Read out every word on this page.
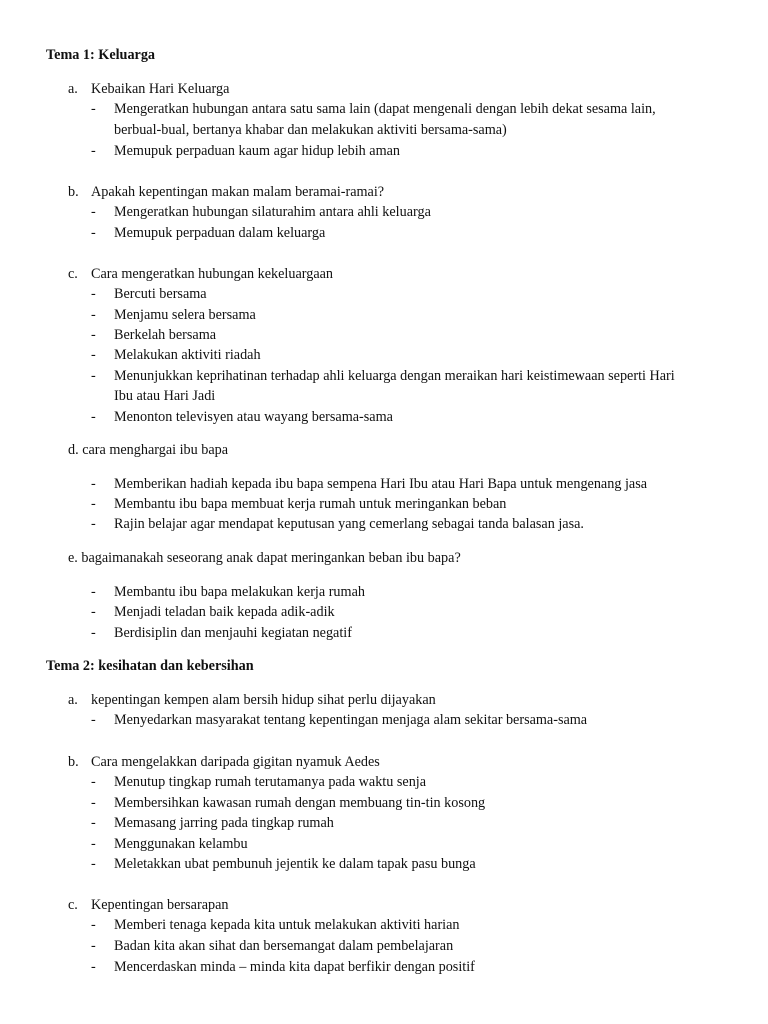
Tema 1: Keluarga
a. Kebaikan Hari Keluarga
- Mengeratkan hubungan antara satu sama lain (dapat mengenali dengan lebih dekat sesama lain,
berbual-bual, bertanya khabar dan melakukan aktiviti bersama-sama)
- Memupuk perpaduan kaum agar hidup lebih aman
b. Apakah kepentingan makan malam beramai-ramai?
- Mengeratkan hubungan silaturahim antara ahli keluarga
- Memupuk perpaduan dalam keluarga
c. Cara mengeratkan hubungan kekeluargaan
- Bercuti bersama
- Menjamu selera bersama
- Berkelah bersama
- Melakukan aktiviti riadah
- Menunjukkan keprihatinan terhadap ahli keluarga dengan meraikan hari keistimewaan seperti Hari
Ibu atau Hari Jadi
- Menonton televisyen atau wayang bersama-sama
d. cara menghargai ibu bapa
- Memberikan hadiah kepada ibu bapa sempena Hari Ibu atau Hari Bapa untuk mengenang jasa
- Membantu ibu bapa membuat kerja rumah untuk meringankan beban
- Rajin belajar agar mendapat keputusan yang cemerlang sebagai tanda balasan jasa.
e. bagaimanakah seseorang anak dapat meringankan beban ibu bapa?
- Membantu ibu bapa melakukan kerja rumah
- Menjadi teladan baik kepada adik-adik
- Berdisiplin dan menjauhi kegiatan negatif
Tema 2: kesihatan dan kebersihan
a. kepentingan kempen alam bersih hidup sihat perlu dijayakan
- Menyedarkan masyarakat tentang kepentingan menjaga alam sekitar bersama-sama
b. Cara mengelakkan daripada gigitan nyamuk Aedes
- Menutup tingkap rumah terutamanya pada waktu senja
- Membersihkan kawasan rumah dengan membuang tin-tin kosong
- Memasang jarring pada tingkap rumah
- Menggunakan kelambu
- Meletakkan ubat pembunuh jejentik ke dalam tapak pasu bunga
c. Kepentingan bersarapan
- Memberi tenaga kepada kita untuk melakukan aktiviti harian
- Badan kita akan sihat dan bersemangat dalam pembelajaran
- Mencerdaskan minda – minda kita dapat berfikir dengan positif
